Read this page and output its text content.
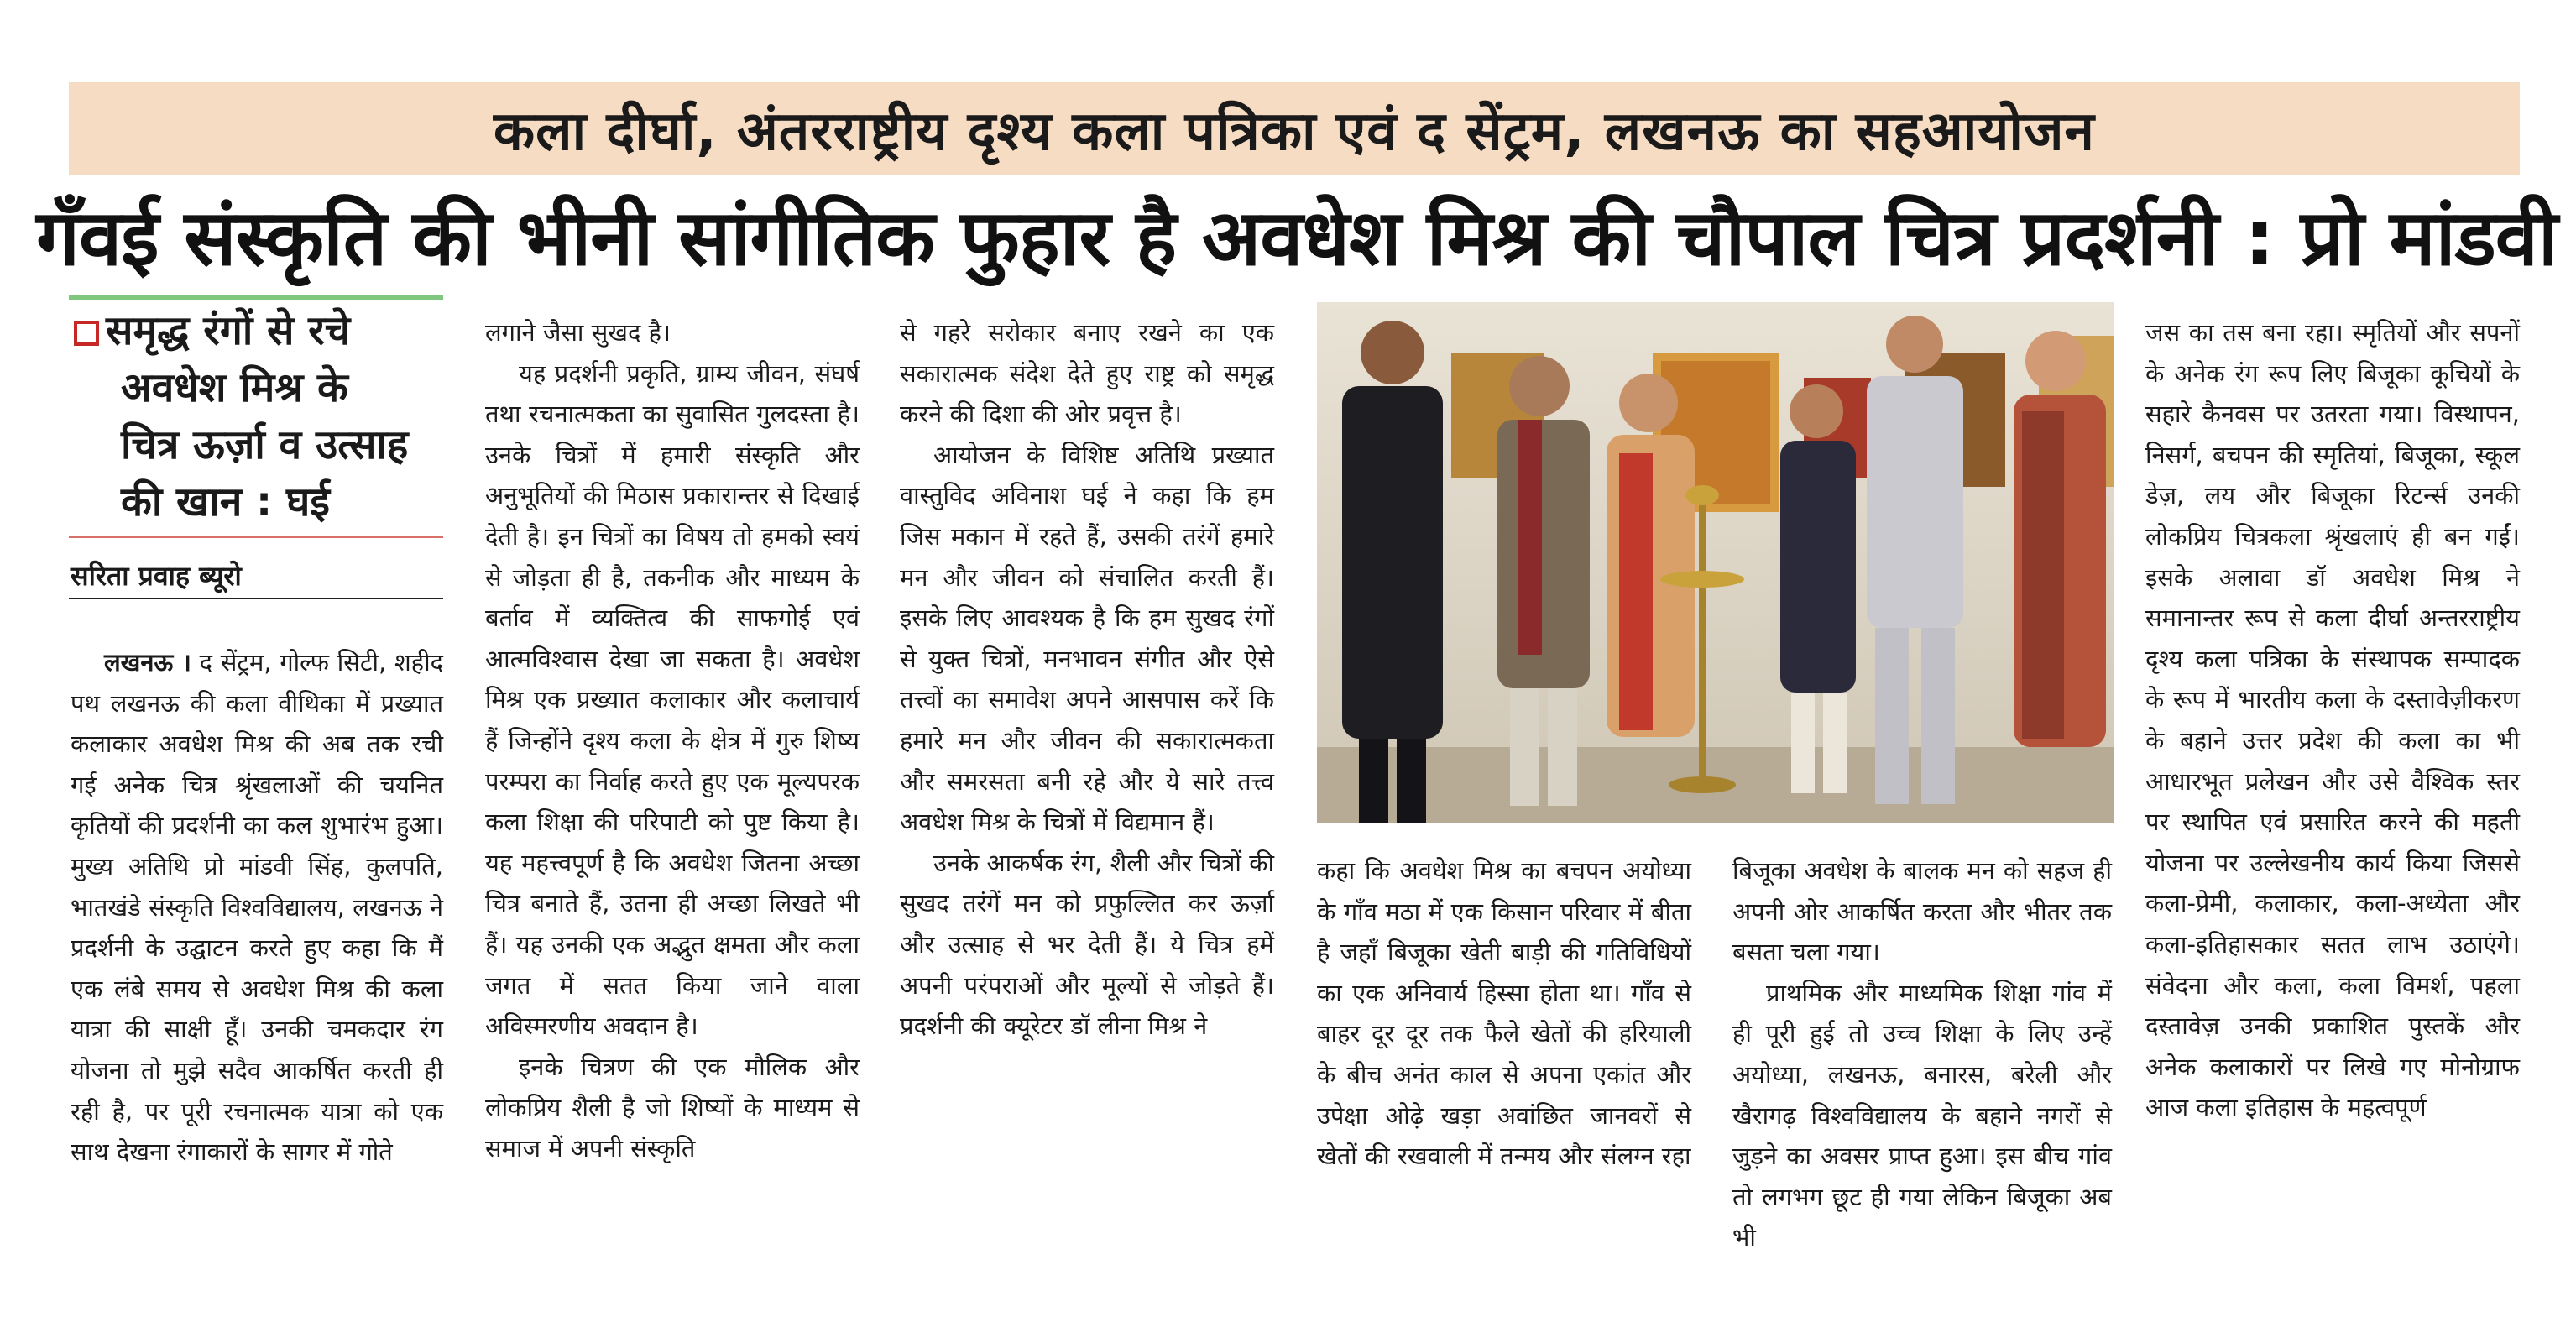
कला दीर्घा, अंतरराष्ट्रीय दृश्य कला पत्रिका एवं द सेंट्रम, लखनऊ का सहआयोजन
गँवई संस्कृति की भीनी सांगीतिक फुहार है अवधेश मिश्र की चौपाल चित्र प्रदर्शनी : प्रो मांडवी
समृद्ध रंगों से रचे
अवधेश मिश्र के
चित्र ऊर्ज़ा व उत्साह
की खान : घई
सरिता प्रवाह ब्यूरो

लखनऊ । द सेंट्रम, गोल्फ सिटी, शहीद पथ लखनऊ की कला वीथिका में प्रख्यात कलाकार अवधेश मिश्र की अब तक रची गई अनेक चित्र श्रृंखलाओं की चयनित कृतियों की प्रदर्शनी का कल शुभारंभ हुआ। मुख्य अतिथि प्रो मांडवी सिंह, कुलपति, भातखंडे संस्कृति विश्वविद्यालय, लखनऊ ने प्रदर्शनी के उद्घाटन करते हुए कहा कि मैं एक लंबे समय से अवधेश मिश्र की कला यात्रा की साक्षी हूँ। उनकी चमकदार रंग योजना तो मुझे सदैव आकर्षित करती ही रही है, पर पूरी रचनात्मक यात्रा को एक साथ देखना रंगाकारों के सागर में गोते

लगाने जैसा सुखद है।

यह प्रदर्शनी प्रकृति, ग्राम्य जीवन, संघर्ष तथा रचनात्मकता का सुवासित गुलदस्ता है। उनके चित्रों में हमारी संस्कृति और अनुभूतियों की मिठास प्रकारान्तर से दिखाई देती है। इन चित्रों का विषय तो हमको स्वयं से जोड़ता ही है, तकनीक और माध्यम के बर्ताव में व्यक्तित्व की साफगोई एवं आत्मविश्वास देखा जा सकता है। अवधेश मिश्र एक प्रख्यात कलाकार और कलाचार्य हैं जिन्होंने दृश्य कला के क्षेत्र में गुरु शिष्य परम्परा का निर्वाह करते हुए एक मूल्यपरक कला शिक्षा की परिपाटी को पुष्ट किया है। यह महत्त्वपूर्ण है कि अवधेश जितना अच्छा चित्र बनाते हैं, उतना ही अच्छा लिखते भी हैं। यह उनकी एक अद्भुत क्षमता और कला जगत में सतत किया जाने वाला अविस्मरणीय अवदान है।

इनके चित्रण की एक मौलिक और लोकप्रिय शैली है जो शिष्यों के माध्यम से समाज में अपनी संस्कृति

से गहरे सरोकार बनाए रखने का एक सकारात्मक संदेश देते हुए राष्ट्र को समृद्ध करने की दिशा की ओर प्रवृत्त है।

आयोजन के विशिष्ट अतिथि प्रख्यात वास्तुविद अविनाश घई ने कहा कि हम जिस मकान में रहते हैं, उसकी तरंगें हमारे मन और जीवन को संचालित करती हैं। इसके लिए आवश्यक है कि हम सुखद रंगों से युक्त चित्रों, मनभावन संगीत और ऐसे तत्त्वों का समावेश अपने आसपास करें कि हमारे मन और जीवन की सकारात्मकता और समरसता बनी रहे और ये सारे तत्त्व अवधेश मिश्र के चित्रों में विद्यमान हैं।

उनके आकर्षक रंग, शैली और चित्रों की सुखद तरंगें मन को प्रफुल्लित कर ऊर्ज़ा और उत्साह से भर देती हैं। ये चित्र हमें अपनी परंपराओं और मूल्यों से जोड़ते हैं। प्रदर्शनी की क्यूरेटर डॉ लीना मिश्र ने

कहा कि अवधेश मिश्र का बचपन अयोध्या के गाँव मठा में एक किसान परिवार में बीता है जहाँ बिजूका खेती बाड़ी की गतिविधियों का एक अनिवार्य हिस्सा होता था। गाँव से बाहर दूर दूर तक फैले खेतों की हरियाली के बीच अनंत काल से अपना एकांत और उपेक्षा ओढ़े खड़ा अवांछित जानवरों से खेतों की रखवाली में तन्मय और संलग्न रहा

बिजूका अवधेश के बालक मन को सहज ही अपनी ओर आकर्षित करता और भीतर तक बसता चला गया।

प्राथमिक और माध्यमिक शिक्षा गांव में ही पूरी हुई तो उच्च शिक्षा के लिए उन्हें अयोध्या, लखनऊ, बनारस, बरेली और खैरागढ़ विश्वविद्यालय के बहाने नगरों से जुड़ने का अवसर प्राप्त हुआ। इस बीच गांव तो लगभग छूट ही गया लेकिन बिजूका अब भी

जस का तस बना रहा। स्मृतियों और सपनों के अनेक रंग रूप लिए बिजूका कूचियों के सहारे कैनवस पर उतरता गया। विस्थापन, निसर्ग, बचपन की स्मृतियां, बिजूका, स्कूल डेज़, लय और बिजूका रिटर्न्स उनकी लोकप्रिय चित्रकला श्रृंखलाएं ही बन गईं। इसके अलावा डॉ अवधेश मिश्र ने समानान्तर रूप से कला दीर्घा अन्तरराष्ट्रीय दृश्य कला पत्रिका के संस्थापक सम्पादक के रूप में भारतीय कला के दस्तावेज़ीकरण के बहाने उत्तर प्रदेश की कला का भी आधारभूत प्रलेखन और उसे वैश्विक स्तर पर स्थापित एवं प्रसारित करने की महती योजना पर उल्लेखनीय कार्य किया जिससे कला-प्रेमी, कलाकार, कला-अध्येता और कला-इतिहासकार सतत लाभ उठाएंगे। संवेदना और कला, कला विमर्श, पहला दस्तावेज़ उनकी प्रकाशित पुस्तकें और अनेक कलाकारों पर लिखे गए मोनोग्राफ आज कला इतिहास के महत्वपूर्ण
